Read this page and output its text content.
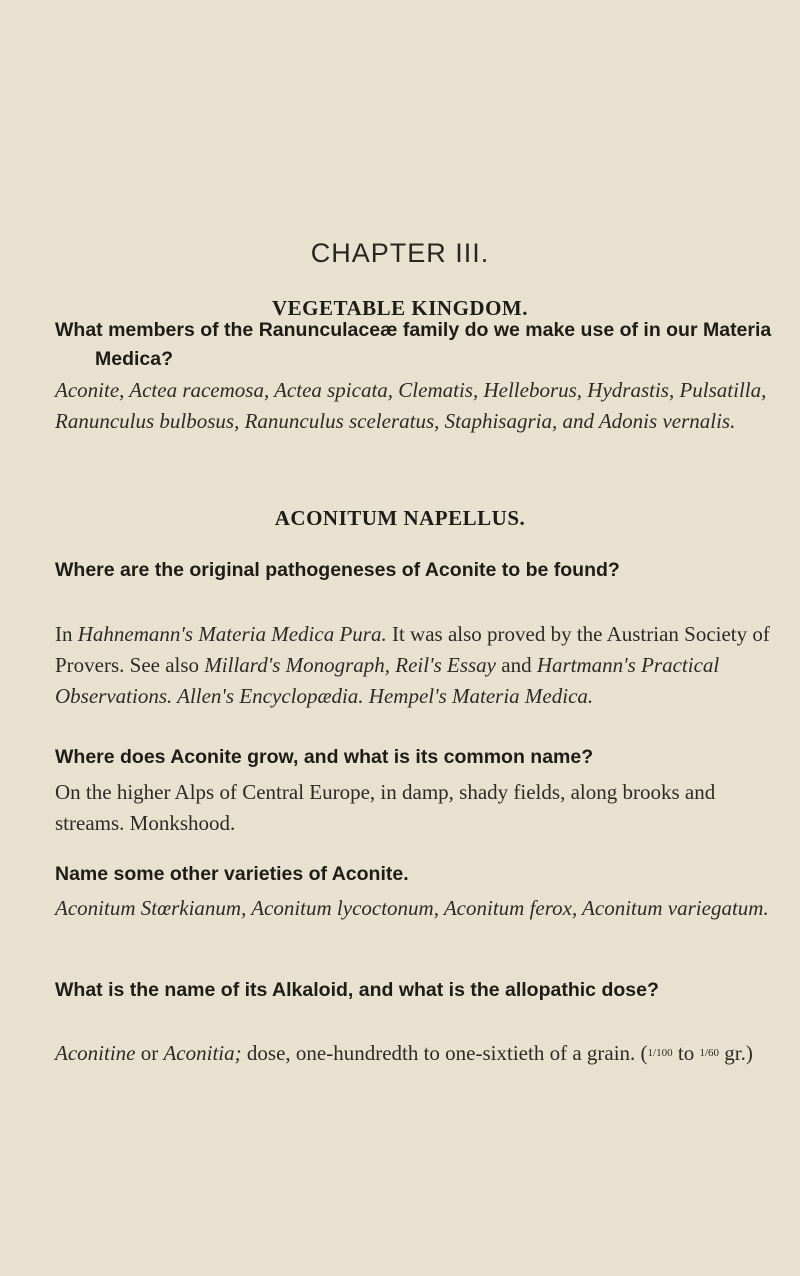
CHAPTER III.
VEGETABLE KINGDOM.
What members of the Ranunculaceæ family do we make use of in our Materia Medica?
Aconite, Actea racemosa, Actea spicata, Clematis, Helleborus, Hydrastis, Pulsatilla, Ranunculus bulbosus, Ranunculus sceleratus, Staphisagria, and Adonis vernalis.
ACONITUM NAPELLUS.
Where are the original pathogeneses of Aconite to be found?
In Hahnemann's Materia Medica Pura. It was also proved by the Austrian Society of Provers. See also Millard's Monograph, Reil's Essay and Hartmann's Practical Observations. Allen's Encyclopædia. Hempel's Materia Medica.
Where does Aconite grow, and what is its common name?
On the higher Alps of Central Europe, in damp, shady fields, along brooks and streams. Monkshood.
Name some other varieties of Aconite.
Aconitum Stœrkianum, Aconitum lycoctonum, Aconitum ferox, Aconitum variegatum.
What is the name of its Alkaloid, and what is the allopathic dose?
Aconitine or Aconitia; dose, one-hundredth to one-sixtieth of a grain. (1/100 to 1/60 gr.)
